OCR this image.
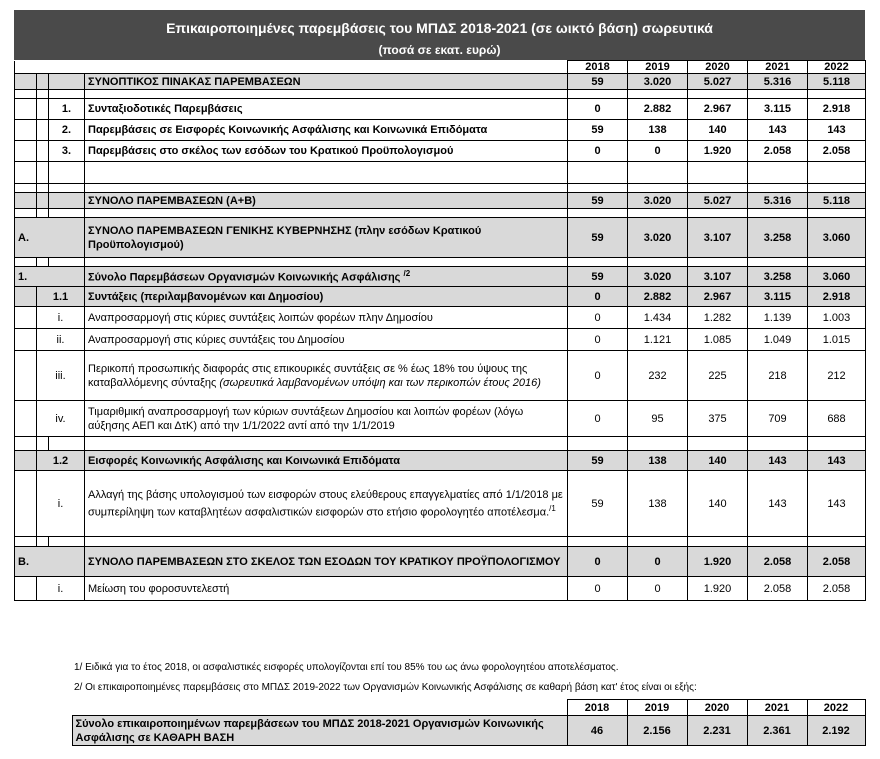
Επικαιροποιημένες παρεμβάσεις του ΜΠΔΣ 2018-2021 (σε ωικτό βάση) σωρευτικά
(ποσά σε εκατ. ευρώ)
				2018	2019	2020	2021	2022
			ΣΥΝΟΠΤΙΚΟΣ ΠΙΝΑΚΑΣ ΠΑΡΕΜΒΑΣΕΩΝ	59	3.020	5.027	5.316	5.118

		1.	Συνταξιοδοτικές Παρεμβάσεις	0	2.882	2.967	3.115	2.918
		2.	Παρεμβάσεις σε Εισφορές Κοινωνικής Ασφάλισης και Κοινωνικά Επιδόματα	59	138	140	143	143
		3.	Παρεμβάσεις στο σκέλος των εσόδων του Κρατικού Προϋπολογισμού	0	0	1.920	2.058	2.058

			ΣΥΝΟΛΟ ΠΑΡΕΜΒΑΣΕΩΝ (Α+Β)	59	3.020	5.027	5.316	5.118

Α.			ΣΥΝΟΛΟ ΠΑΡΕΜΒΑΣΕΩΝ ΓΕΝΙΚΗΣ ΚΥΒΕΡΝΗΣΗΣ (πλην εσόδων Κρατικού Προϋπολογισμού)	59	3.020	3.107	3.258	3.060

1.			Σύνολο Παρεμβάσεων Οργανισμών Κοινωνικής Ασφάλισης $^{/2}$	59	3.020	3.107	3.258	3.060
	1.1		Συντάξεις (περιλαμβανομένων και Δημοσίου)	0	2.882	2.967	3.115	2.918
	i.		Αναπροσαρμογή στις κύριες συντάξεις λοιπών φορέων πλην Δημοσίου	0	1.434	1.282	1.139	1.003
	ii.		Αναπροσαρμογή στις κύριες συντάξεις του Δημοσίου	0	1.121	1.085	1.049	1.015
	iii.		Περικοπή προσωπικής διαφοράς στις επικουρικές συντάξεις σε % έως 18% του ύψους της καταβαλλόμενης σύνταξης (σωρευτικά λαμβανομένων υπόψη και των περικοπών έτους 2016)	0	232	225	218	212
	iv.		Τιμαριθμική αναπροσαρμογή των κύριων συντάξεων Δημοσίου και λοιπών φορέων (λόγω αύξησης ΑΕΠ και ΔτΚ) από την 1/1/2022 αντί από την 1/1/2019	0	95	375	709	688

	1.2		Εισφορές Κοινωνικής Ασφάλισης και Κοινωνικά Επιδόματα	59	138	140	143	143
	i.		Αλλαγή της βάσης υπολογισμού των εισφορών στους ελεύθερους επαγγελματίες από 1/1/2018 με συμπερίληψη των καταβλητέων ασφαλιστικών εισφορών στο ετήσιο φορολογητέο αποτέλεσμα.$^{/1}$	59	138	140	143	143

Β.			ΣΥΝΟΛΟ ΠΑΡΕΜΒΑΣΕΩΝ ΣΤΟ ΣΚΕΛΟΣ ΤΩΝ ΕΣΟΔΩΝ ΤΟΥ ΚΡΑΤΙΚΟΥ ΠΡΟΫΠΟΛΟΓΙΣΜΟΥ	0	0	1.920	2.058	2.058
	i.		Μείωση του φοροσυντελεστή	0	0	1.920	2.058	2.058
1/ Ειδικά για το έτος 2018, οι ασφαλιστικές εισφορές υπολογίζονται επί του 85% του ως άνω φορολογητέου αποτελέσματος.
2/ Οι επικαιροποιημένες παρεμβάσεις στο ΜΠΔΣ 2019-2022 των Οργανισμών Κοινωνικής Ασφάλισης σε καθαρή βάση κατ' έτος είναι οι εξής:
		2018	2019	2020	2021	2022
	Σύνολο επικαιροποιημένων παρεμβάσεων του ΜΠΔΣ 2018-2021 Οργανισμών Κοινωνικής Ασφάλισης σε ΚΑΘΑΡΗ ΒΑΣΗ	46	2.156	2.231	2.361	2.192
